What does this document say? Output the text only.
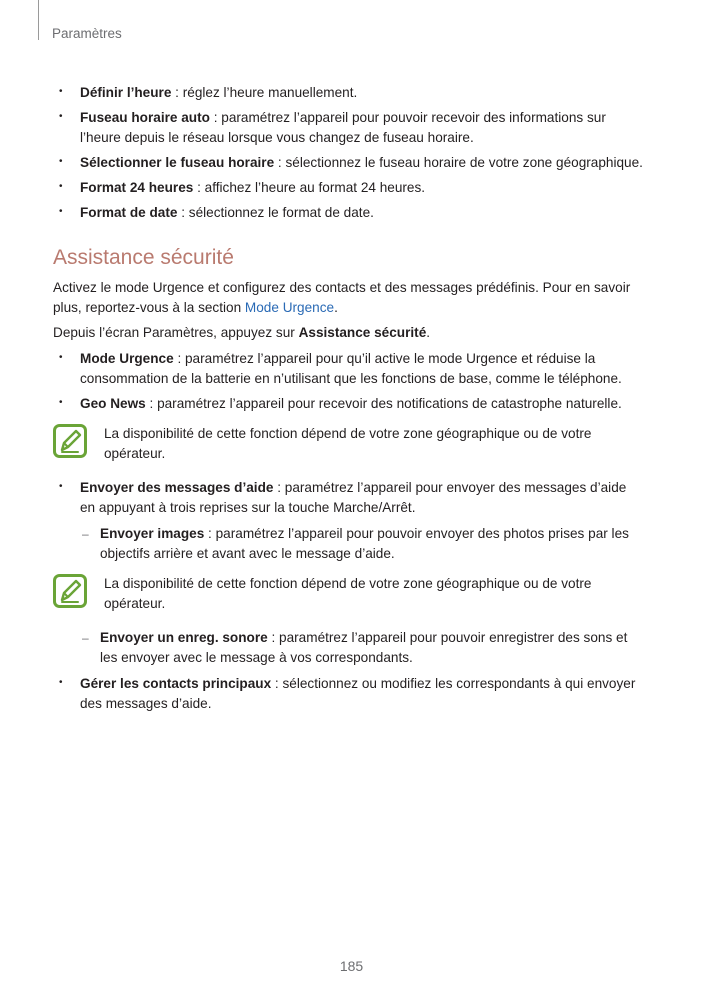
Paramètres
• Définir l’heure : réglez l’heure manuellement.
• Fuseau horaire auto : paramétrez l’appareil pour pouvoir recevoir des informations sur l’heure depuis le réseau lorsque vous changez de fuseau horaire.
• Sélectionner le fuseau horaire : sélectionnez le fuseau horaire de votre zone géographique.
• Format 24 heures : affichez l’heure au format 24 heures.
• Format de date : sélectionnez le format de date.
Assistance sécurité

Activez le mode Urgence et configurez des contacts et des messages prédéfinis. Pour en savoir plus, reportez-vous à la section Mode Urgence.

Depuis l’écran Paramètres, appuyez sur Assistance sécurité.

• Mode Urgence : paramétrez l’appareil pour qu’il active le mode Urgence et réduise la consommation de la batterie en n’utilisant que les fonctions de base, comme le téléphone.
• Geo News : paramétrez l’appareil pour recevoir des notifications de catastrophe naturelle.
La disponibilité de cette fonction dépend de votre zone géographique ou de votre opérateur.
• Envoyer des messages d’aide : paramétrez l’appareil pour envoyer des messages d’aide en appuyant à trois reprises sur la touche Marche/Arrêt.
– Envoyer images : paramétrez l’appareil pour pouvoir envoyer des photos prises par les objectifs arrière et avant avec le message d’aide.
La disponibilité de cette fonction dépend de votre zone géographique ou de votre opérateur.
– Envoyer un enreg. sonore : paramétrez l’appareil pour pouvoir enregistrer des sons et les envoyer avec le message à vos correspondants.
• Gérer les contacts principaux : sélectionnez ou modifiez les correspondants à qui envoyer des messages d’aide.
185
